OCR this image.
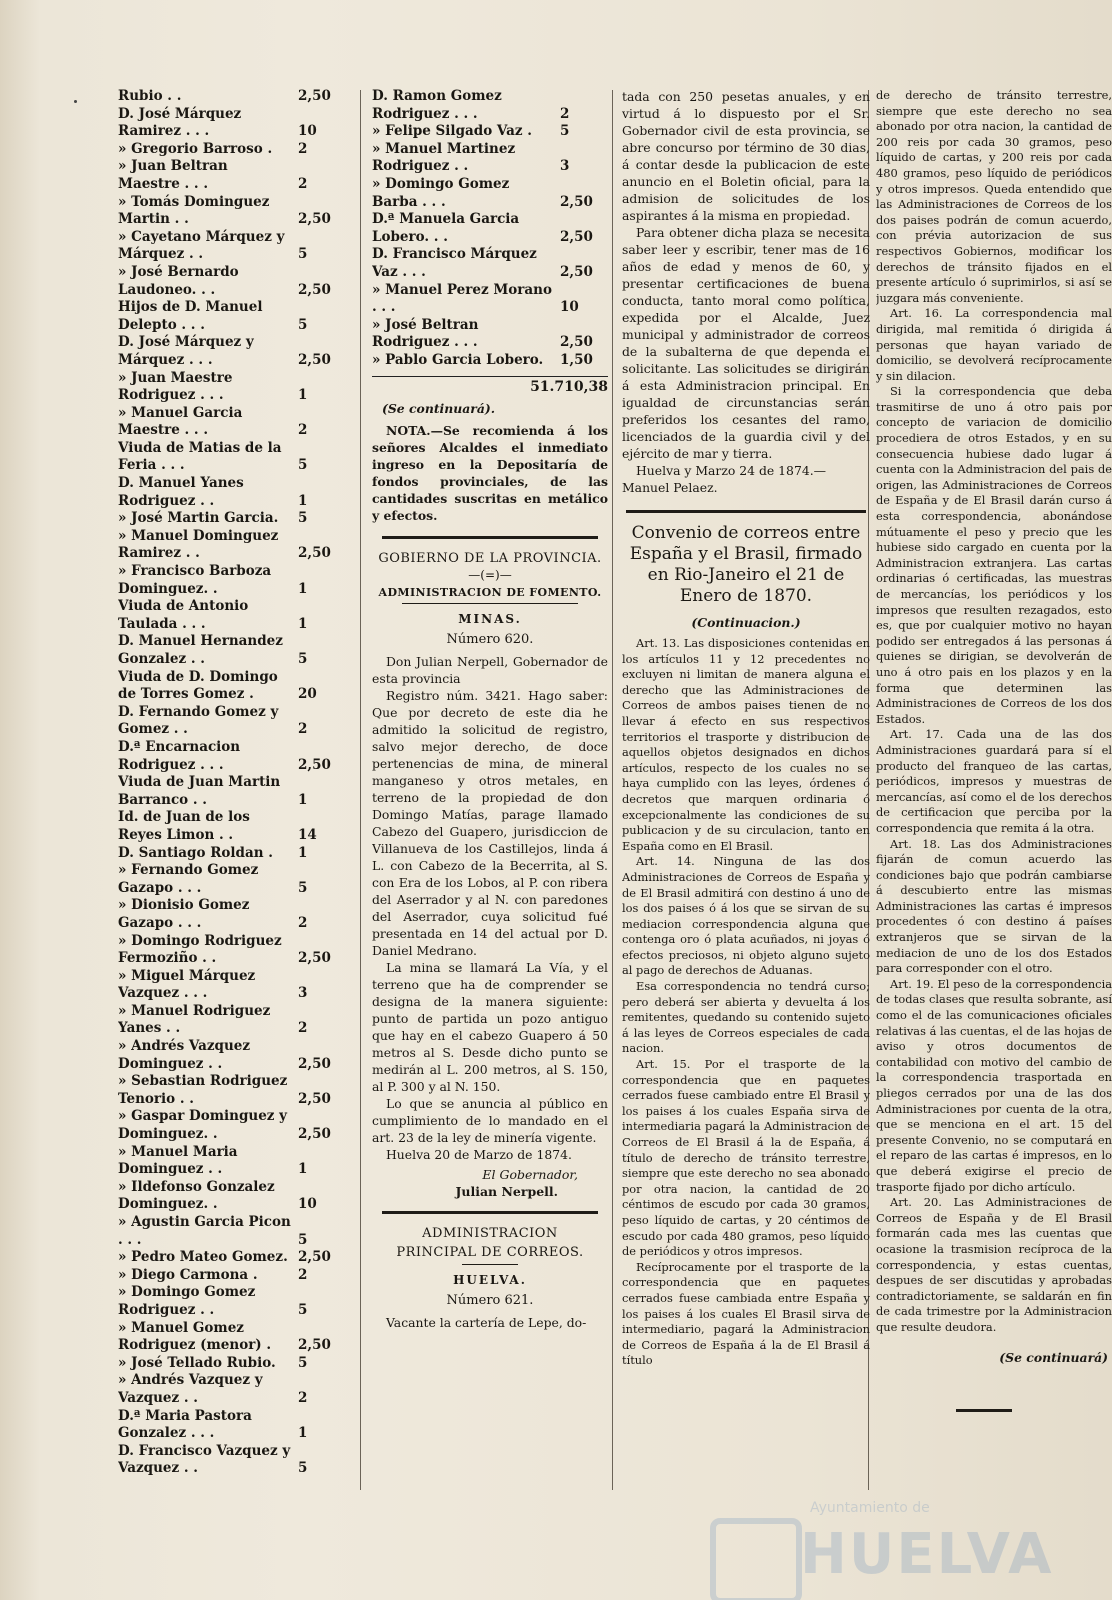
Rubio . .	2,50
D. José Márquez Ramirez . . .	10
» Gregorio Barroso .	2
» Juan Beltran Maestre . . .	2
» Tomás Dominguez Martin . .	2,50
» Cayetano Márquez y Márquez . .	5
» José Bernardo Laudoneo. . .	2,50
Hijos de D. Manuel Delepto . . .	5
D. José Márquez y Márquez . . .	2,50
» Juan Maestre Rodriguez . . .	1
» Manuel Garcia Maestre . . .	2
Viuda de Matias de la Feria . . .	5
D. Manuel Yanes Rodriguez . .	1
» José Martin Garcia.	5
» Manuel Dominguez Ramirez . .	2,50
» Francisco Barboza Dominguez. .	1
Viuda de Antonio Taulada . . .	1
D. Manuel Hernandez Gonzalez . .	5
Viuda de D. Domingo de Torres Gomez .	20
D. Fernando Gomez y Gomez . .	2
D.ª Encarnacion Rodriguez . . .	2,50
Viuda de Juan Martin Barranco . .	1
Id. de Juan de los Reyes Limon . .	14
D. Santiago Roldan .	1
» Fernando Gomez Gazapo . . .	5
» Dionisio Gomez Gazapo . . .	2
» Domingo Rodriguez Fermoziño . .	2,50
» Miguel Márquez Vazquez . . .	3
» Manuel Rodriguez Yanes . .	2
» Andrés Vazquez Dominguez . .	2,50
» Sebastian Rodriguez Tenorio . .	2,50
» Gaspar Dominguez y Dominguez. .	2,50
» Manuel Maria Dominguez . .	1
» Ildefonso Gonzalez Dominguez. .	10
» Agustin Garcia Picon . . .	5
» Pedro Mateo Gomez. 2,50
» Diego Carmona .	2
» Domingo Gomez Rodriguez . .	5
» Manuel Gomez Rodriguez (menor) .	2,50
» José Tellado Rubio.	5
» Andrés Vazquez y Vazquez . .	2
D.ª Maria Pastora Gonzalez . . .	1
D. Francisco Vazquez y Vazquez . .	5
D. Ramon Gomez Rodriguez . . .	2
» Felipe Silgado Vaz .	5
» Manuel Martinez Rodriguez . .	3
» Domingo Gomez Barba . . .	2,50
D.ª Manuela Garcia Lobero. . .	2,50
D. Francisco Márquez Vaz . . .	2,50
» Manuel Perez Morano . . .	10
» José Beltran Rodriguez . . .	2,50
» Pablo Garcia Lobero.	1,50
51.710,38
(Se continuará).

NOTA.—Se recomienda á los señores Alcaldes el inmediato ingreso en la Depositaría de fondos provinciales, de las cantidades suscritas en metálico y efectos.

GOBIERNO DE LA PROVINCIA.
—(=)—
ADMINISTRACION DE FOMENTO.
MINAS.
Número 620.

Don Julian Nerpell, Gobernador de esta provincia

Registro núm. 3421. Hago saber: Que por decreto de este dia he admitido la solicitud de registro, salvo mejor derecho, de doce pertenencias de mina, de mineral manganeso y otros metales, en terreno de la propiedad de don Domingo Matías, parage llamado Cabezo del Guapero, jurisdiccion de Villanueva de los Castillejos, linda á L. con Cabezo de la Becerrita, al S. con Era de los Lobos, al P. con ribera del Aserrador y al N. con paredones del Aserrador, cuya solicitud fué presentada en 14 del actual por D. Daniel Medrano.

La mina se llamará La Vía, y el terreno que ha de comprender se designa de la manera siguiente: punto de partida un pozo antiguo que hay en el cabezo Guapero á 50 metros al S. Desde dicho punto se medirán al L. 200 metros, al S. 150, al P. 300 y al N. 150.

Lo que se anuncia al público en cumplimiento de lo mandado en el art. 23 de la ley de minería vigente.

Huelva 20 de Marzo de 1874.

El Gobernador,
Julian Nerpell.
ADMINISTRACION
PRINCIPAL DE CORREOS.
HUELVA.
Número 621.

Vacante la cartería de Lepe, do-

tada con 250 pesetas anuales, y en virtud á lo dispuesto por el Sr. Gobernador civil de esta provincia, se abre concurso por término de 30 dias, á contar desde la publicacion de este anuncio en el Boletin oficial, para la admision de solicitudes de los aspirantes á la misma en propiedad.

Para obtener dicha plaza se necesita saber leer y escribir, tener mas de 16 años de edad y menos de 60, y presentar certificaciones de buena conducta, tanto moral como política, expedida por el Alcalde, Juez municipal y administrador de correos de la subalterna de que dependa el solicitante. Las solicitudes se dirigirán á esta Administracion principal. En igualdad de circunstancias serán preferidos los cesantes del ramo, licenciados de la guardia civil y del ejército de mar y tierra.

Huelva y Marzo 24 de 1874.—

Manuel Pelaez.

Convenio de correos entre España y el Brasil, firmado en Rio-Janeiro el 21 de Enero de 1870.
(Continuacion.)

Art. 13. Las disposiciones contenidas en los artículos 11 y 12 precedentes no excluyen ni limitan de manera alguna el derecho que las Administraciones de Correos de ambos paises tienen de no llevar á efecto en sus respectivos territorios el trasporte y distribucion de aquellos objetos designados en dichos artículos, respecto de los cuales no se haya cumplido con las leyes, órdenes ó decretos que marquen ordinaria ó excepcionalmente las condiciones de su publicacion y de su circulacion, tanto en España como en El Brasil.

Art. 14. Ninguna de las dos Administraciones de Correos de España y de El Brasil admitirá con destino á uno de los dos paises ó á los que se sirvan de su mediacion correspondencia alguna que contenga oro ó plata acuñados, ni joyas ó efectos preciosos, ni objeto alguno sujeto al pago de derechos de Aduanas.

Esa correspondencia no tendrá curso; pero deberá ser abierta y devuelta á los remitentes, quedando su contenido sujeto á las leyes de Correos especiales de cada nacion.

Art. 15. Por el trasporte de la correspondencia que en paquetes cerrados fuese cambiado entre El Brasil y los paises á los cuales España sirva de intermediaria pagará la Administracion de Correos de El Brasil á la de España, á título de derecho de tránsito terrestre, siempre que este derecho no sea abonado por otra nacion, la cantidad de 20 céntimos de escudo por cada 30 gramos, peso líquido de cartas, y 20 céntimos de escudo por cada 480 gramos, peso líquido de periódicos y otros impresos.

Recíprocamente por el trasporte de la correspondencia que en paquetes cerrados fuese cambiada entre España y los paises á los cuales El Brasil sirva de intermediario, pagará la Administracion de Correos de España á la de El Brasil á título

de derecho de tránsito terrestre, siempre que este derecho no sea abonado por otra nacion, la cantidad de 200 reis por cada 30 gramos, peso líquido de cartas, y 200 reis por cada 480 gramos, peso líquido de periódicos y otros impresos. Queda entendido que las Administraciones de Correos de los dos paises podrán de comun acuerdo, con prévia autorizacion de sus respectivos Gobiernos, modificar los derechos de tránsito fijados en el presente artículo ó suprimirlos, si así se juzgara más conveniente.

Art. 16. La correspondencia mal dirigida, mal remitida ó dirigida á personas que hayan variado de domicilio, se devolverá recíprocamente y sin dilacion.

Si la correspondencia que deba trasmitirse de uno á otro pais por concepto de variacion de domicilio procediera de otros Estados, y en su consecuencia hubiese dado lugar á cuenta con la Administracion del pais de origen, las Administraciones de Correos de España y de El Brasil darán curso á esta correspondencia, abonándose mútuamente el peso y precio que les hubiese sido cargado en cuenta por la Administracion extranjera. Las cartas ordinarias ó certificadas, las muestras de mercancías, los periódicos y los impresos que resulten rezagados, esto es, que por cualquier motivo no hayan podido ser entregados á las personas á quienes se dirigian, se devolverán de uno á otro pais en los plazos y en la forma que determinen las Administraciones de Correos de los dos Estados.

Art. 17. Cada una de las dos Administraciones guardará para sí el producto del franqueo de las cartas, periódicos, impresos y muestras de mercancías, así como el de los derechos de certificacion que perciba por la correspondencia que remita á la otra.

Art. 18. Las dos Administraciones fijarán de comun acuerdo las condiciones bajo que podrán cambiarse á descubierto entre las mismas Administraciones las cartas é impresos procedentes ó con destino á países extranjeros que se sirvan de la mediacion de uno de los dos Estados para corresponder con el otro.

Art. 19. El peso de la correspondencia de todas clases que resulta sobrante, así como el de las comunicaciones oficiales relativas á las cuentas, el de las hojas de aviso y otros documentos de contabilidad con motivo del cambio de la correspondencia trasportada en pliegos cerrados por una de las dos Administraciones por cuenta de la otra, que se menciona en el art. 15 del presente Convenio, no se computará en el reparo de las cartas é impresos, en lo que deberá exigirse el precio de trasporte fijado por dicho artículo.

Art. 20. Las Administraciones de Correos de España y de El Brasil formarán cada mes las cuentas que ocasione la trasmision recíproca de la correspondencia, y estas cuentas, despues de ser discutidas y aprobadas contradictoriamente, se saldarán en fin de cada trimestre por la Administracion que resulte deudora.

(Se continuará)
Ayuntamiento de
HUELVA
